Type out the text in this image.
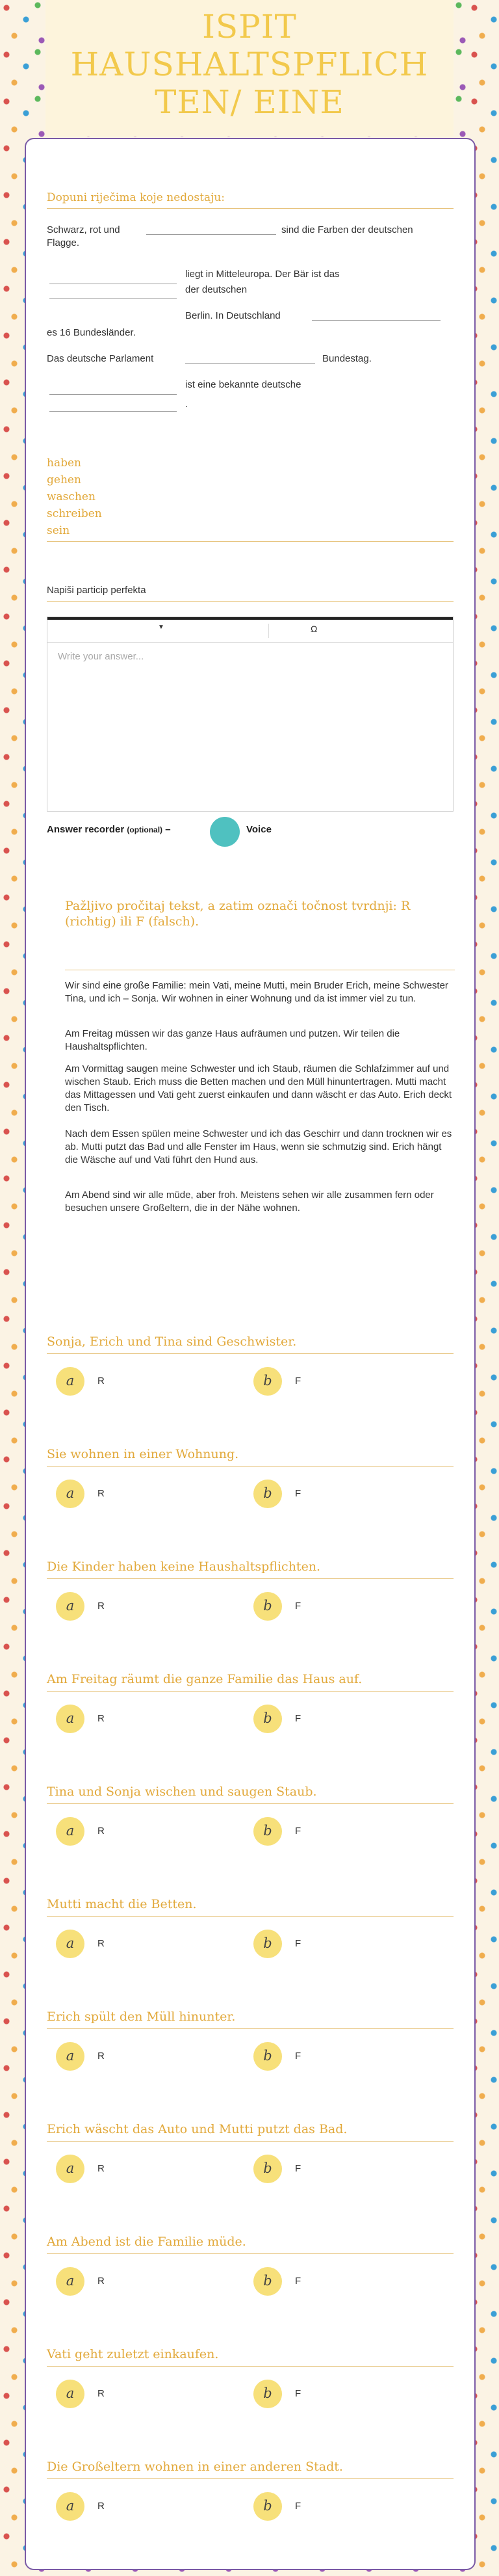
ISPIT
HAUSHALTSPFLICH
TEN/ EINE
Dopuni riječima koje nedostaju:
Schwarz, rot und	sind die Farben der deutschen
Flagge.
liegt in Mitteleuropa. Der Bär ist das
der deutschen
Berlin. In Deutschland
es 16 Bundesländer.
Das deutsche Parlament	Bundestag.
ist eine bekannte deutsche
.
haben
gehen
waschen
schreiben
sein
Napiši particip perfekta
▼	Ω
Write your answer...
Answer recorder (optional) –	Voice
Pažljivo pročitaj tekst, a zatim označi točnost tvrdnji: R (richtig) ili F (falsch).
Wir sind eine große Familie: mein Vati, meine Mutti, mein Bruder Erich, meine Schwester Tina, und ich – Sonja. Wir wohnen in einer Wohnung und da ist immer viel zu tun.
Am Freitag müssen wir das ganze Haus aufräumen und putzen. Wir teilen die Haushaltspflichten.
Am Vormittag saugen meine Schwester und ich Staub, räumen die Schlafzimmer auf und wischen Staub. Erich muss die Betten machen und den Müll hinuntertragen. Mutti macht das Mittagessen und Vati geht zuerst einkaufen und dann wäscht er das Auto. Erich deckt den Tisch.
Nach dem Essen spülen meine Schwester und ich das Geschirr und dann trocknen wir es ab. Mutti putzt das Bad und alle Fenster im Haus, wenn sie schmutzig sind. Erich hängt die Wäsche auf und Vati führt den Hund aus.
Am Abend sind wir alle müde, aber froh. Meistens sehen wir alle zusammen fern oder besuchen unsere Großeltern, die in der Nähe wohnen.
Sonja, Erich und Tina sind Geschwister.
a	R	b	F
Sie wohnen in einer Wohnung.
a	R	b	F
Die Kinder haben keine Haushaltspflichten.
a	R	b	F
Am Freitag räumt die ganze Familie das Haus auf.
a	R	b	F
Tina und Sonja wischen und saugen Staub.
a	R	b	F
Mutti macht die Betten.
a	R	b	F
Erich spült den Müll hinunter.
a	R	b	F
Erich wäscht das Auto und Mutti putzt das Bad.
a	R	b	F
Am Abend ist die Familie müde.
a	R	b	F
Vati geht zuletzt einkaufen.
a	R	b	F
Die Großeltern wohnen in einer anderen Stadt.
a	R	b	F
